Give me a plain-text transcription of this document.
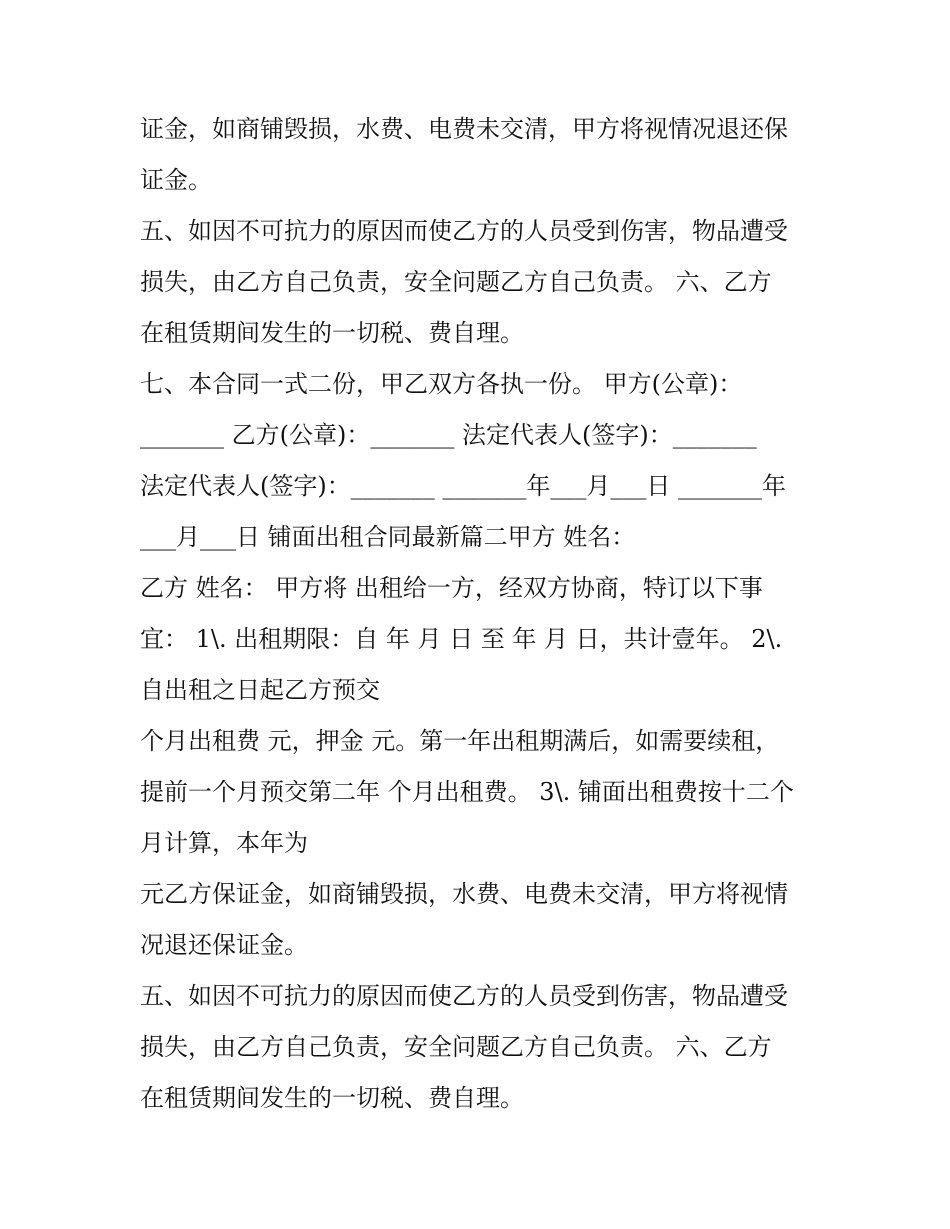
证金，如商铺毁损，水费、电费未交清，甲方将视情况退还保
证金。
五、如因不可抗力的原因而使乙方的人员受到伤害，物品遭受
损失，由乙方自己负责，安全问题乙方自己负责。 六、乙方
在租赁期间发生的一切税、费自理。
七、本合同一式二份，甲乙双方各执一份。 甲方(公章)：
_______ 乙方(公章)：_______ 法定代表人(签字)：_______
法定代表人(签字)：_______ _______年___月___日 _______年
___月___日 铺面出租合同最新篇二甲方 姓名：
乙方 姓名： 甲方将 出租给一方，经双方协商，特订以下事
宜： 1\. 出租期限：自 年 月 日 至 年 月 日，共计壹年。 2\.
自出租之日起乙方预交
个月出租费 元，押金 元。第一年出租期满后，如需要续租，
提前一个月预交第二年 个月出租费。 3\. 铺面出租费按十二个
月计算，本年为
元乙方保证金，如商铺毁损，水费、电费未交清，甲方将视情
况退还保证金。
五、如因不可抗力的原因而使乙方的人员受到伤害，物品遭受
损失，由乙方自己负责，安全问题乙方自己负责。 六、乙方
在租赁期间发生的一切税、费自理。
